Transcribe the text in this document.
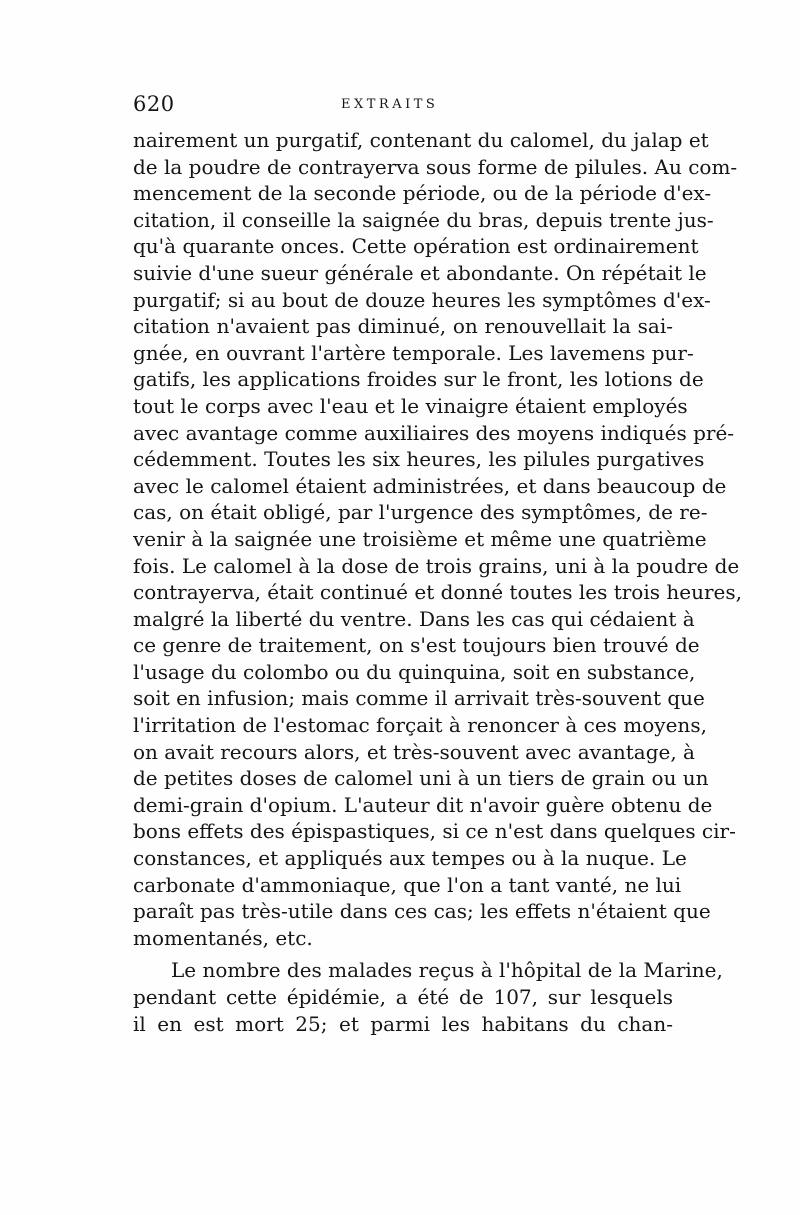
620	EXTRAITS
nairement un purgatif, contenant du calomel, du jalap et
de la poudre de contrayerva sous forme de pilules. Au com-
mencement de la seconde période, ou de la période d'ex-
citation, il conseille la saignée du bras, depuis trente jus-
qu'à quarante onces. Cette opération est ordinairement
suivie d'une sueur générale et abondante. On répétait le
purgatif; si au bout de douze heures les symptômes d'ex-
citation n'avaient pas diminué, on renouvellait la sai-
gnée, en ouvrant l'artère temporale. Les lavemens pur-
gatifs, les applications froides sur le front, les lotions de
tout le corps avec l'eau et le vinaigre étaient employés
avec avantage comme auxiliaires des moyens indiqués pré-
cédemment. Toutes les six heures, les pilules purgatives
avec le calomel étaient administrées, et dans beaucoup de
cas, on était obligé, par l'urgence des symptômes, de re-
venir à la saignée une troisième et même une quatrième
fois. Le calomel à la dose de trois grains, uni à la poudre de
contrayerva, était continué et donné toutes les trois heures,
malgré la liberté du ventre. Dans les cas qui cédaient à
ce genre de traitement, on s'est toujours bien trouvé de
l'usage du colombo ou du quinquina, soit en substance,
soit en infusion; mais comme il arrivait très-souvent que
l'irritation de l'estomac forçait à renoncer à ces moyens,
on avait recours alors, et très-souvent avec avantage, à
de petites doses de calomel uni à un tiers de grain ou un
demi-grain d'opium. L'auteur dit n'avoir guère obtenu de
bons effets des épispastiques, si ce n'est dans quelques cir-
constances, et appliqués aux tempes ou à la nuque. Le
carbonate d'ammoniaque, que l'on a tant vanté, ne lui
paraît pas très-utile dans ces cas; les effets n'étaient que
momentanés, etc.
Le nombre des malades reçus à l'hôpital de la Marine,
pendant cette épidémie, a été de 107, sur lesquels
il en est mort 25; et parmi les habitans du chan-
